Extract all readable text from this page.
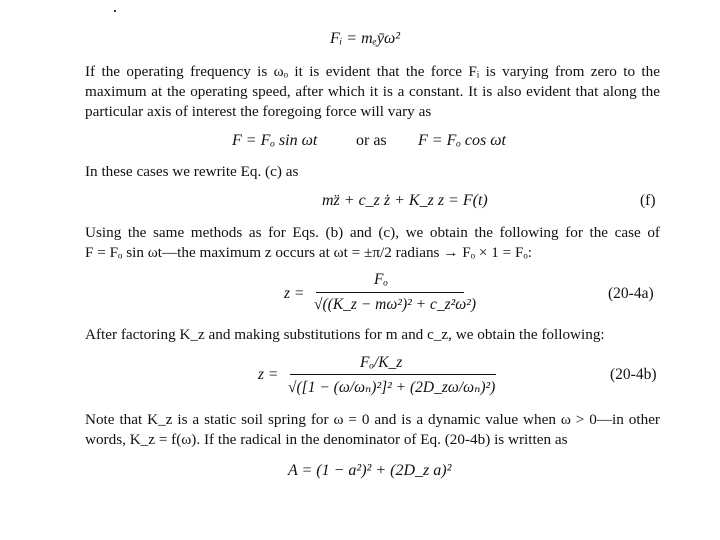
Fᵢ = mₑȳω²
If the operating frequency is ωₒ it is evident that the force Fᵢ is varying from zero to the
maximum at the operating speed, after which it is a constant. It is also evident that along the
particular axis of interest the foregoing force will vary as
F = Fₒ sin ωt or as F = Fₒ cos ωt
In these cases we rewrite Eq. (c) as
mz̈ + c_z ż + K_z z = F(t)	(f)
Using the same methods as for Eqs. (b) and (c), we obtain the following for the case of
F = Fₒ sin ωt—the maximum z occurs at ωt = ±π/2 radians → Fₒ × 1 = Fₒ:
z =
Fₒ
√((K_z − mω²)² + c_z²ω²)
(20-4a)
After factoring K_z and making substitutions for m and c_z, we obtain the following:
z =
Fₒ/K_z
√([1 − (ω/ωₙ)²]² + (2D_zω/ωₙ)²)
(20-4b)
Note that K_z is a static soil spring for ω = 0 and is a dynamic value when ω > 0—in other
words, K_z = f(ω). If the radical in the denominator of Eq. (20-4b) is written as
A = (1 − a²)² + (2D_z a)²
